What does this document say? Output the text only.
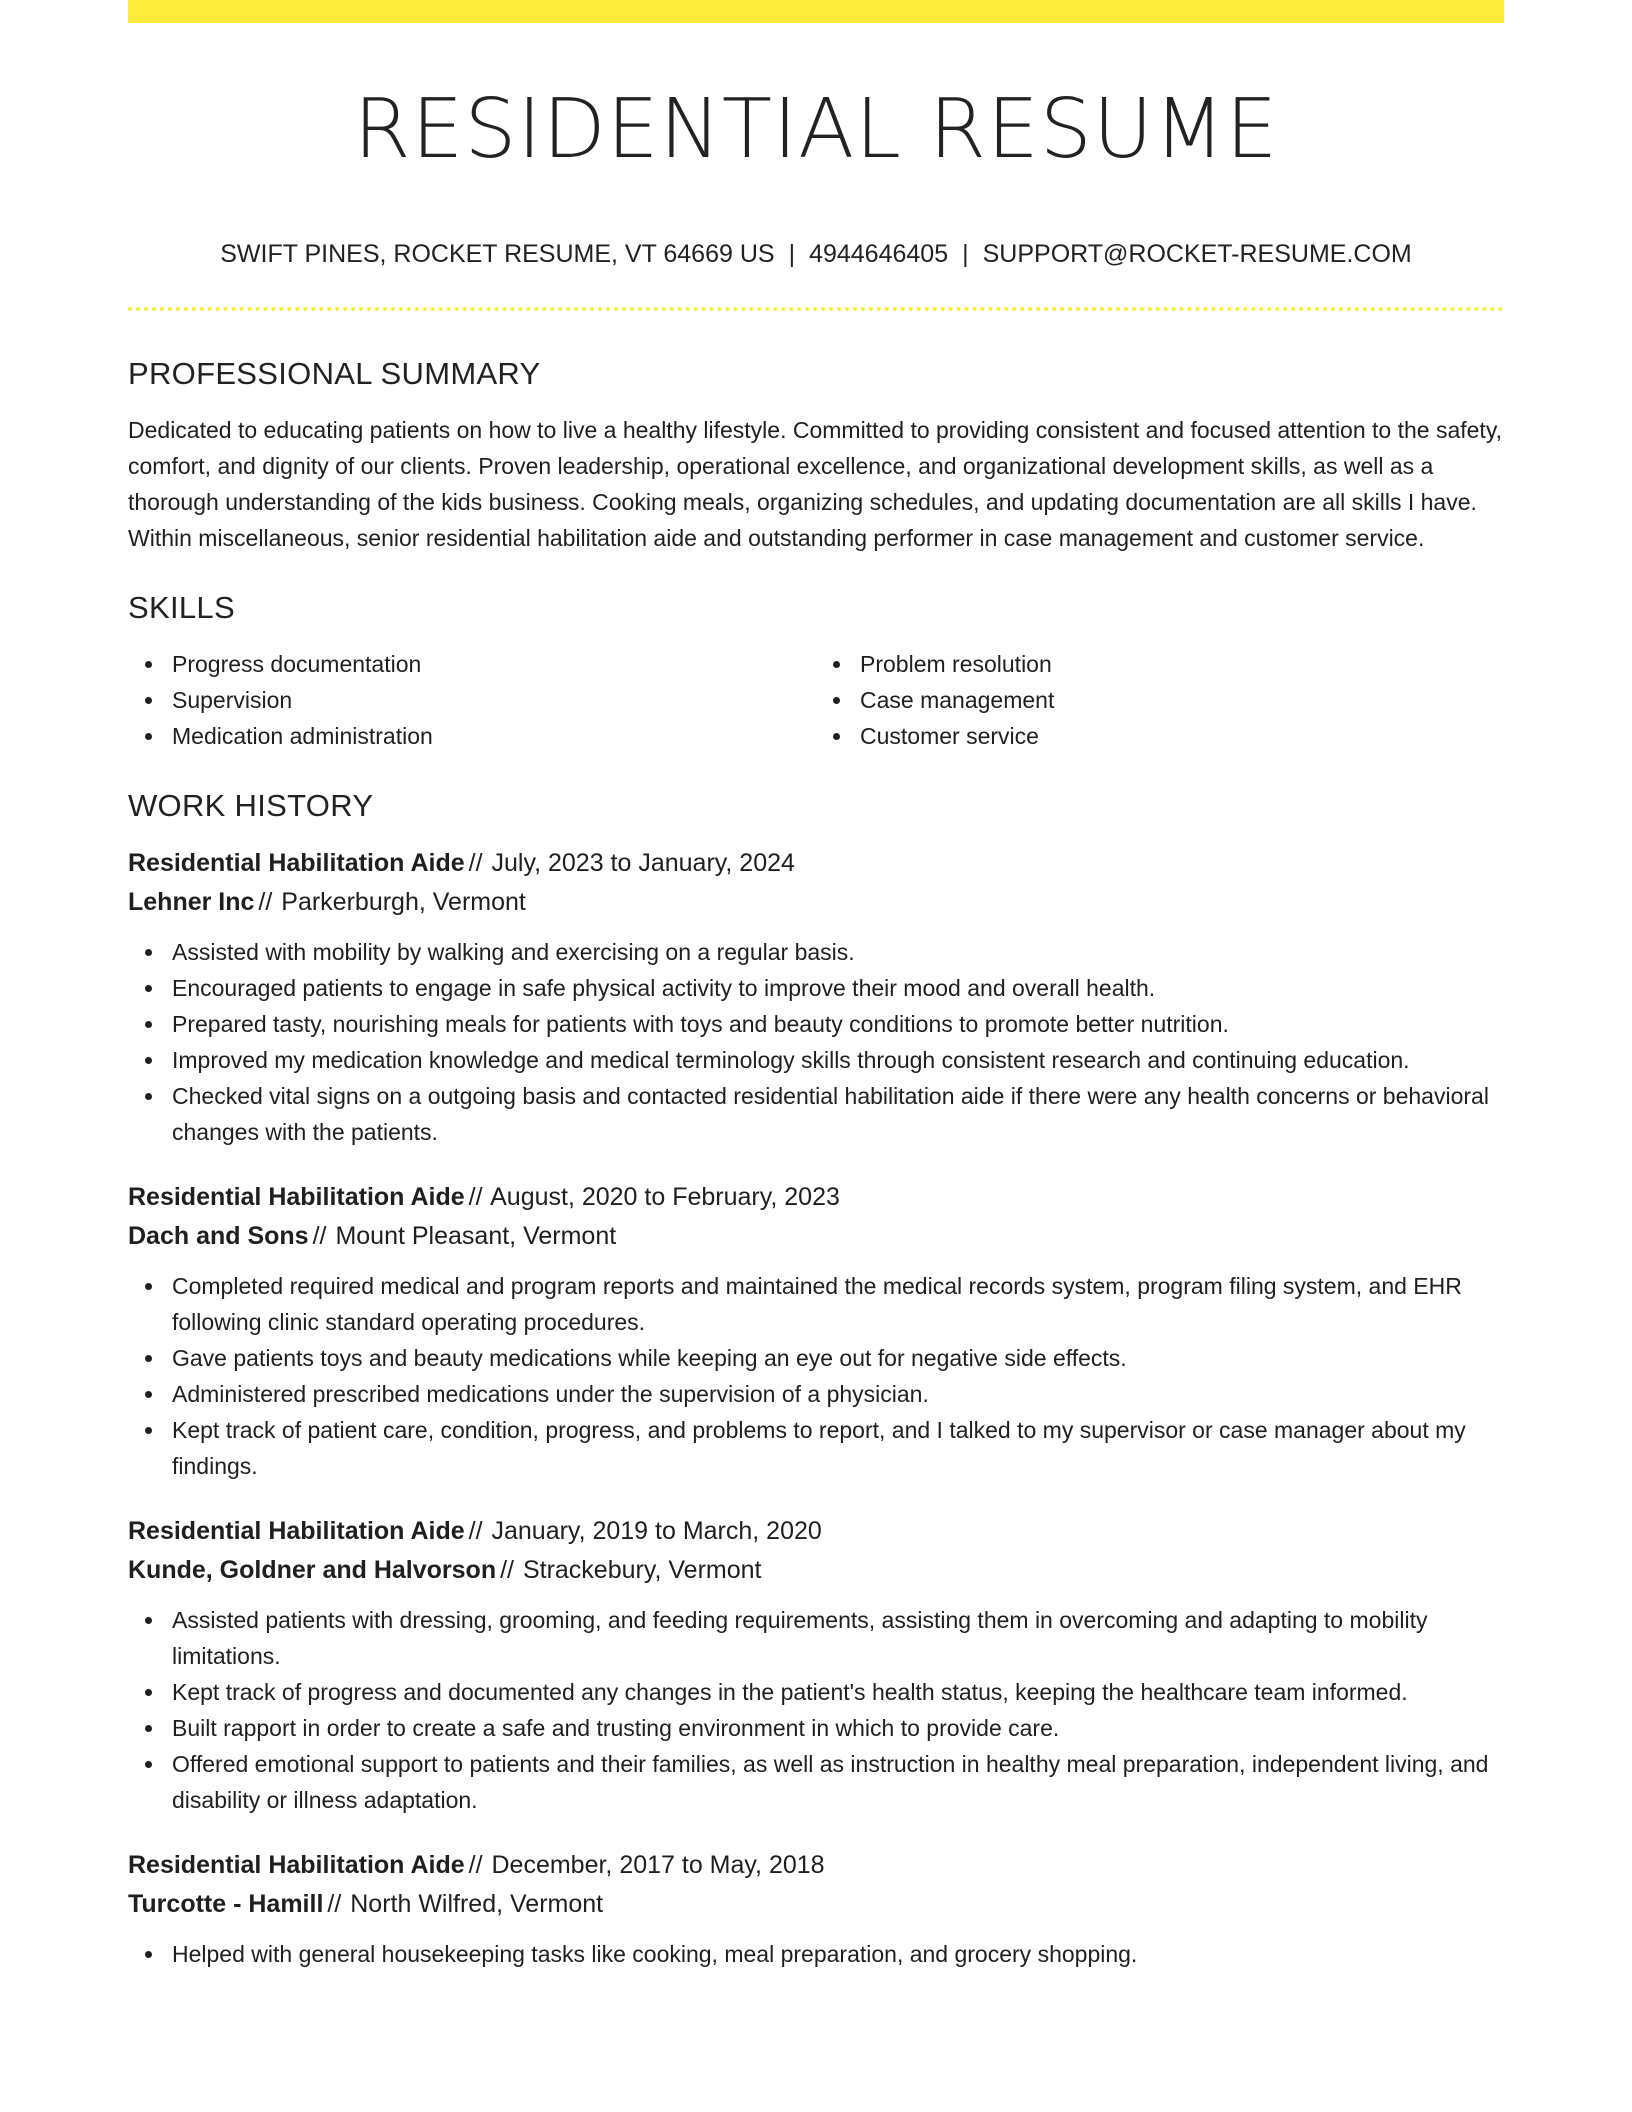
RESIDENTIAL RESUME
SWIFT PINES, ROCKET RESUME, VT 64669 US | 4944646405 | SUPPORT@ROCKET-RESUME.COM
PROFESSIONAL SUMMARY

Dedicated to educating patients on how to live a healthy lifestyle. Committed to providing consistent and focused attention to the safety, comfort, and dignity of our clients. Proven leadership, operational excellence, and organizational development skills, as well as a thorough understanding of the kids business. Cooking meals, organizing schedules, and updating documentation are all skills I have. Within miscellaneous, senior residential habilitation aide and outstanding performer in case management and customer service.

SKILLS
Progress documentation
Supervision
Medication administration
Problem resolution
Case management
Customer service
WORK HISTORY
Residential Habilitation Aide // July, 2023 to January, 2024
Lehner Inc // Parkerburgh, Vermont
Assisted with mobility by walking and exercising on a regular basis.
Encouraged patients to engage in safe physical activity to improve their mood and overall health.
Prepared tasty, nourishing meals for patients with toys and beauty conditions to promote better nutrition.
Improved my medication knowledge and medical terminology skills through consistent research and continuing education.
Checked vital signs on a outgoing basis and contacted residential habilitation aide if there were any health concerns or behavioral changes with the patients.
Residential Habilitation Aide // August, 2020 to February, 2023
Dach and Sons // Mount Pleasant, Vermont
Completed required medical and program reports and maintained the medical records system, program filing system, and EHR following clinic standard operating procedures.
Gave patients toys and beauty medications while keeping an eye out for negative side effects.
Administered prescribed medications under the supervision of a physician.
Kept track of patient care, condition, progress, and problems to report, and I talked to my supervisor or case manager about my findings.
Residential Habilitation Aide // January, 2019 to March, 2020
Kunde, Goldner and Halvorson // Strackebury, Vermont
Assisted patients with dressing, grooming, and feeding requirements, assisting them in overcoming and adapting to mobility limitations.
Kept track of progress and documented any changes in the patient's health status, keeping the healthcare team informed.
Built rapport in order to create a safe and trusting environment in which to provide care.
Offered emotional support to patients and their families, as well as instruction in healthy meal preparation, independent living, and disability or illness adaptation.
Residential Habilitation Aide // December, 2017 to May, 2018
Turcotte - Hamill // North Wilfred, Vermont
Helped with general housekeeping tasks like cooking, meal preparation, and grocery shopping.
